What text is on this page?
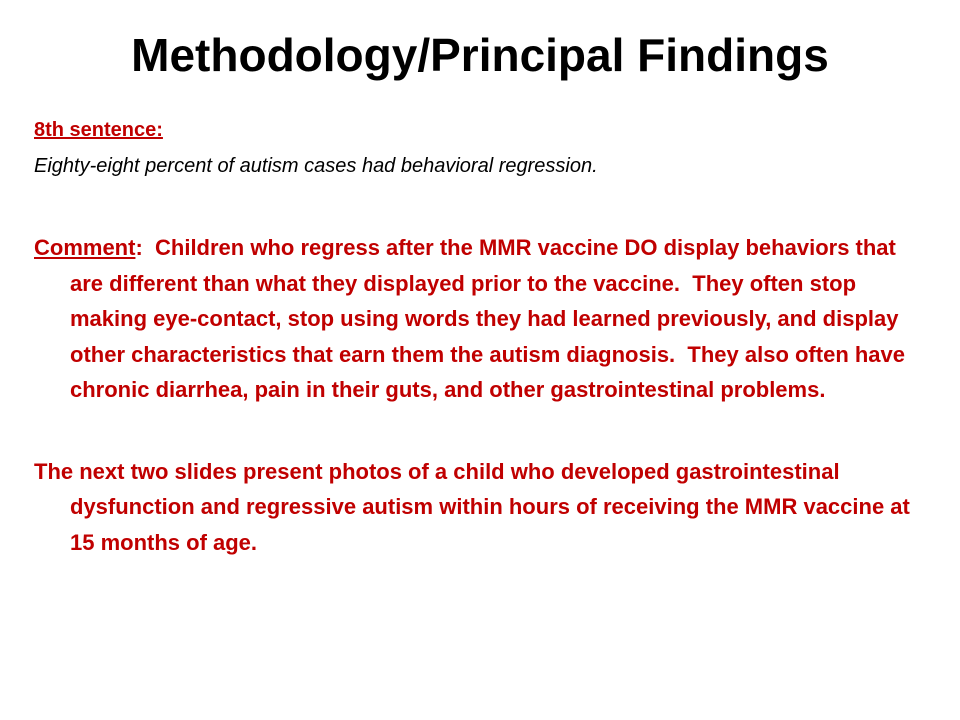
Methodology/Principal Findings

8th sentence:

Eighty-eight percent of autism cases had behavioral regression.

Comment:  Children who regress after the MMR vaccine DO display behaviors that are different than what they displayed prior to the vaccine.  They often stop making eye-contact, stop using words they had learned previously, and display other characteristics that earn them the autism diagnosis.  They also often have chronic diarrhea, pain in their guts, and other gastrointestinal problems.

The next two slides present photos of a child who developed gastrointestinal dysfunction and regressive autism within hours of receiving the MMR vaccine at 15 months of age.
